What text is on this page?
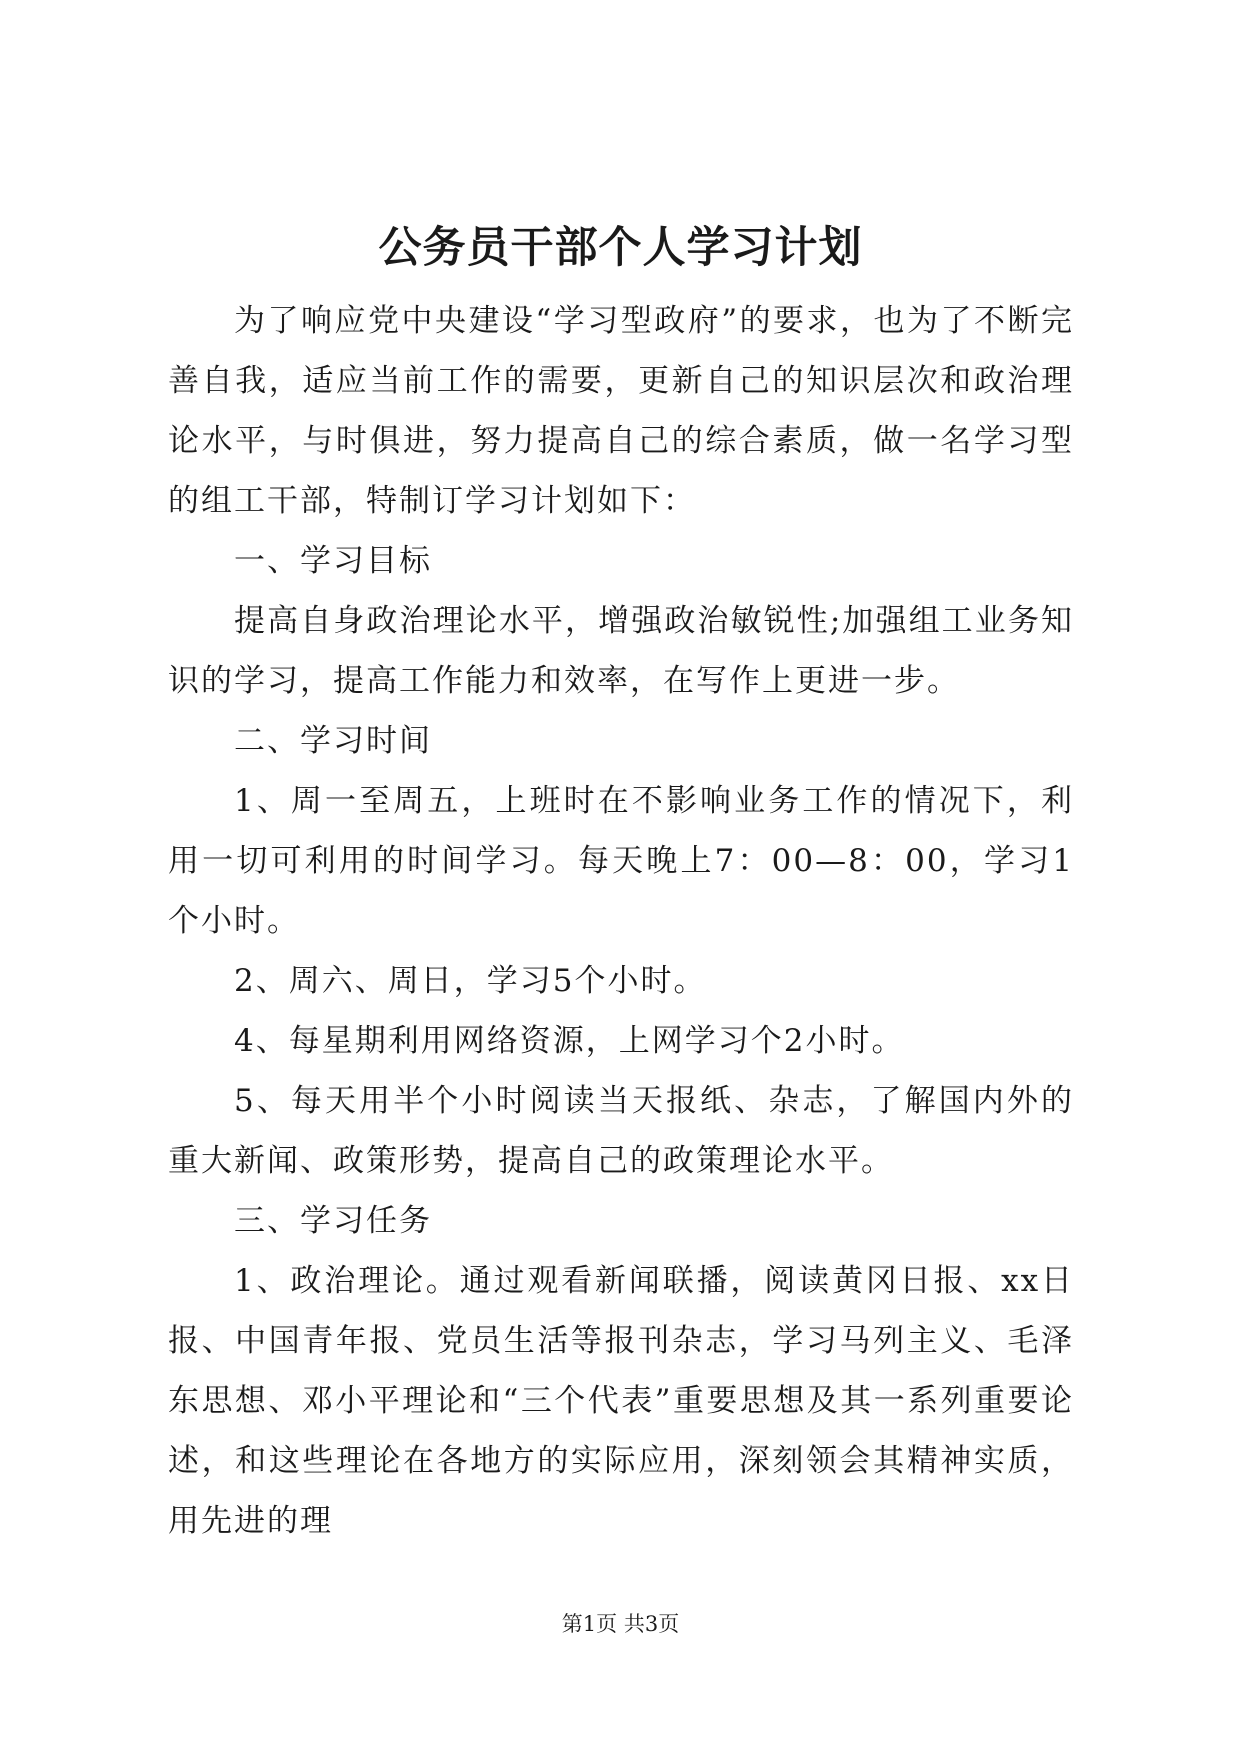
公务员干部个人学习计划

为了响应党中央建设“学习型政府”的要求，也为了不断完善自我，适应当前工作的需要，更新自己的知识层次和政治理论水平，与时俱进，努力提高自己的综合素质，做一名学习型的组工干部，特制订学习计划如下：

一、学习目标

提高自身政治理论水平，增强政治敏锐性;加强组工业务知识的学习，提高工作能力和效率，在写作上更进一步。

二、学习时间

1、周一至周五，上班时在不影响业务工作的情况下，利用一切可利用的时间学习。每天晚上7：00—8：00，学习1个小时。

2、周六、周日，学习5个小时。

4、每星期利用网络资源，上网学习个2小时。

5、每天用半个小时阅读当天报纸、杂志，了解国内外的重大新闻、政策形势，提高自己的政策理论水平。

三、学习任务

1、政治理论。通过观看新闻联播，阅读黄冈日报、xx日报、中国青年报、党员生活等报刊杂志，学习马列主义、毛泽东思想、邓小平理论和“三个代表”重要思想及其一系列重要论述，和这些理论在各地方的实际应用，深刻领会其精神实质，用先进的理

第1页 共3页
